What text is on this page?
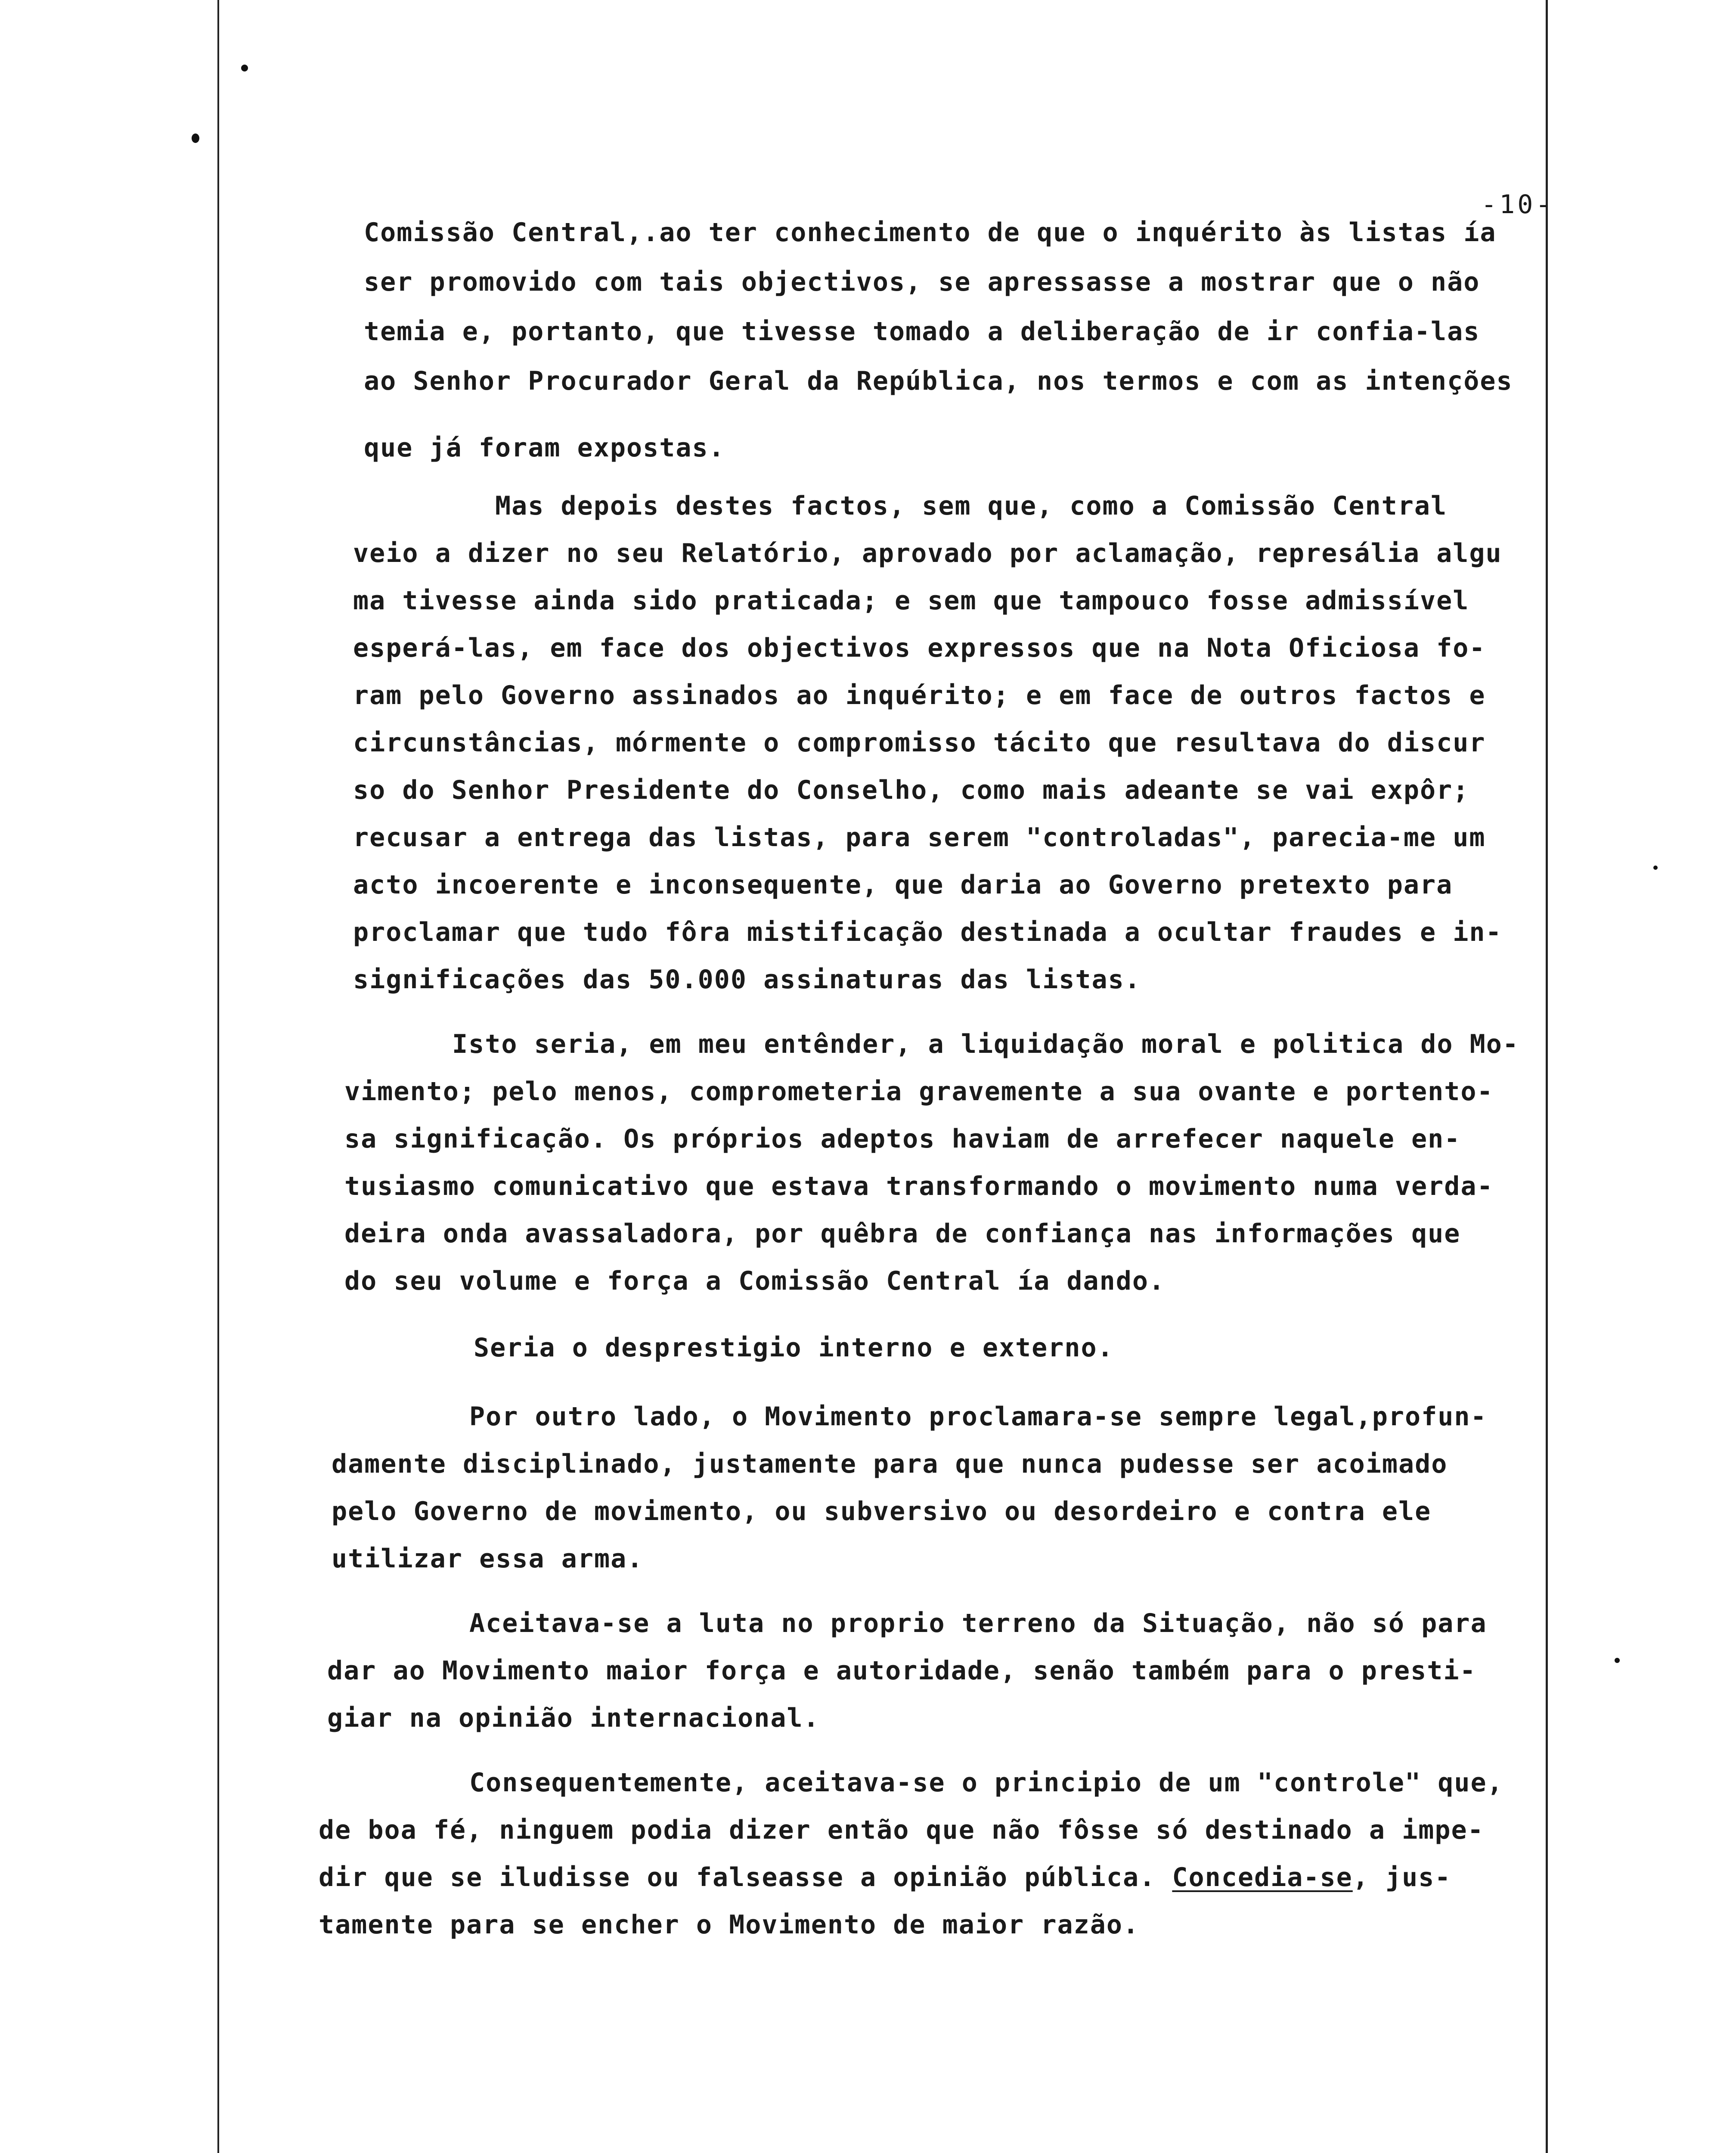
-10-
Comissão Central,.ao ter conhecimento de que o inquérito às listas ía
ser promovido com tais objectivos, se apressasse a mostrar que o não
temia e, portanto, que tivesse tomado a deliberação de ir confia-las
ao Senhor Procurador Geral da República, nos termos e com as intenções
que já foram expostas.
Mas depois destes factos, sem que, como a Comissão Central
veio a dizer no seu Relatório, aprovado por aclamação, represália algu
ma tivesse ainda sido praticada; e sem que tampouco fosse admissível
esperá-las, em face dos objectivos expressos que na Nota Oficiosa fo-
ram pelo Governo assinados ao inquérito; e em face de outros factos e
circunstâncias, mórmente o compromisso tácito que resultava do discur
so do Senhor Presidente do Conselho, como mais adeante se vai expôr;
recusar a entrega das listas, para serem "controladas", parecia-me um
acto incoerente e inconsequente, que daria ao Governo pretexto para
proclamar que tudo fôra mistificação destinada a ocultar fraudes e in-
significações das 50.000 assinaturas das listas.
Isto seria, em meu entênder, a liquidação moral e politica do Mo-
vimento; pelo menos, comprometeria gravemente a sua ovante e portento-
sa significação. Os próprios adeptos haviam de arrefecer naquele en-
tusiasmo comunicativo que estava transformando o movimento numa verda-
deira onda avassaladora, por quêbra de confiança nas informações que
do seu volume e força a Comissão Central ía dando.
Seria o desprestigio interno e externo.
Por outro lado, o Movimento proclamara-se sempre legal,profun-
damente disciplinado, justamente para que nunca pudesse ser acoimado
pelo Governo de movimento, ou subversivo ou desordeiro e contra ele
utilizar essa arma.
Aceitava-se a luta no proprio terreno da Situação, não só para
dar ao Movimento maior força e autoridade, senão também para o presti-
giar na opinião internacional.
Consequentemente, aceitava-se o principio de um "controle" que,
de boa fé, ninguem podia dizer então que não fôsse só destinado a impe-
dir que se iludisse ou falseasse a opinião pública. Concedia-se, jus-
tamente para se encher o Movimento de maior razão.
